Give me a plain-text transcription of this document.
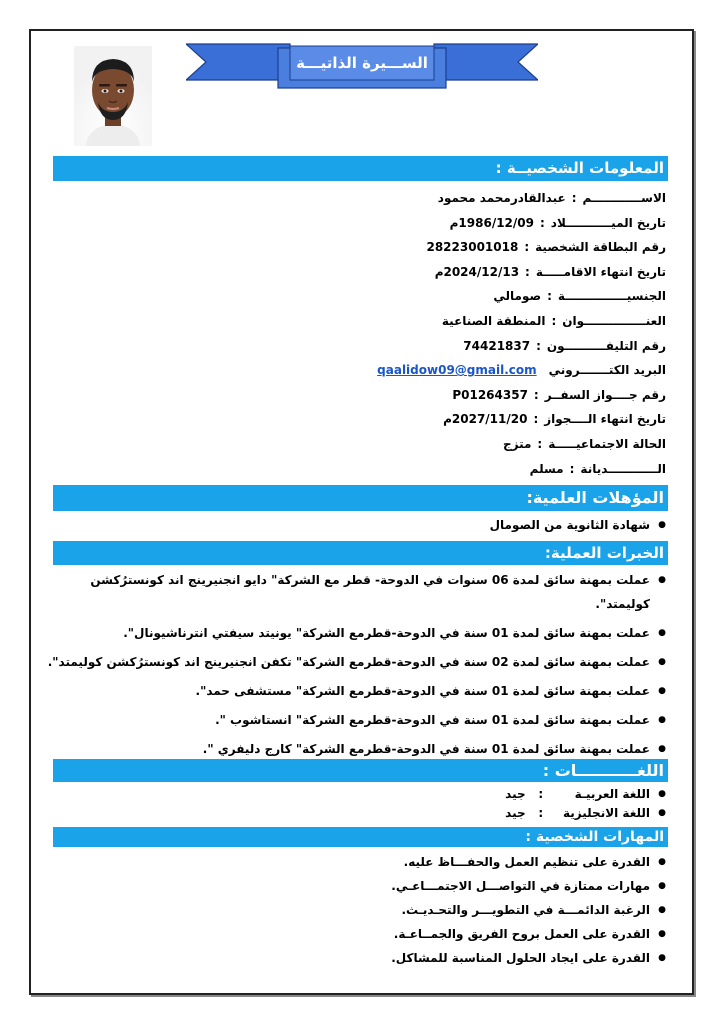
الســـيرة الذاتيـــة
المعلومات الشخصيــة :
الاســــــــــــم
:
عبدالقادرمحمد محمود
تاريخ الميـــــــــــلاد
:
1986/12/09م
رقم البطاقة الشخصية
:
28223001018
تاريخ انتهاء الاقامـــــة
:
2024/12/13م
الجنسيـــــــــــــــة
:
صومالي
العنـــــــــــــــوان
:
المنطقة الصناعية
رقم التليفــــــــــون
:
74421837
البريد الكتـــــــروني
qaalidow09@gmail.com
رقم جــــواز السفــر
:
P01264357
تاريخ انتهاء الــــجواز
:
2027/11/20م
الحالة الاجتماعيـــــة
:
متزج
الــــــــــــديانة
:
مسلم
المؤهلات العلمية:
● شهادة الثانوية من الصومال
الخبرات العملية:
● عملت بمهنة سائق لمدة 06 سنوات في الدوحة- قطر مع الشركة" دايو انجنيرينج اند كونسترُكشن
كوليمتد".
● عملت بمهنة سائق لمدة 01 سنة في الدوحة-قطرمع الشركة" يونيتد سيفتي انترناشيونال".
● عملت بمهنة سائق لمدة 02 سنة في الدوحة-قطرمع الشركة" تكفن انجنيرينج اند كونسترُكشن كوليمتد".
● عملت بمهنة سائق لمدة 01 سنة في الدوحة-قطرمع الشركة" مستشفى حمد".
● عملت بمهنة سائق لمدة 01 سنة في الدوحة-قطرمع الشركة" انستاشوب ".
● عملت بمهنة سائق لمدة 01 سنة في الدوحة-قطرمع الشركة" كارج دليفري ".
اللغـــــــــــات :
● اللغة العربيـة : جيد
● اللغة الانجليزية : جيد
المهارات الشخصية :
● القدرة على تنظيم العمل والحفـــاظ عليه.
● مهارات ممتازة في التواصـــل الاجتمـــاعـي.
● الرغبة الدائمـــة في التطويـــر والتحـديـث.
● القدرة على العمل بروح الفريق والجمــاعـة.
● القدرة على ايجاد الحلول المناسبة للمشاكل.
